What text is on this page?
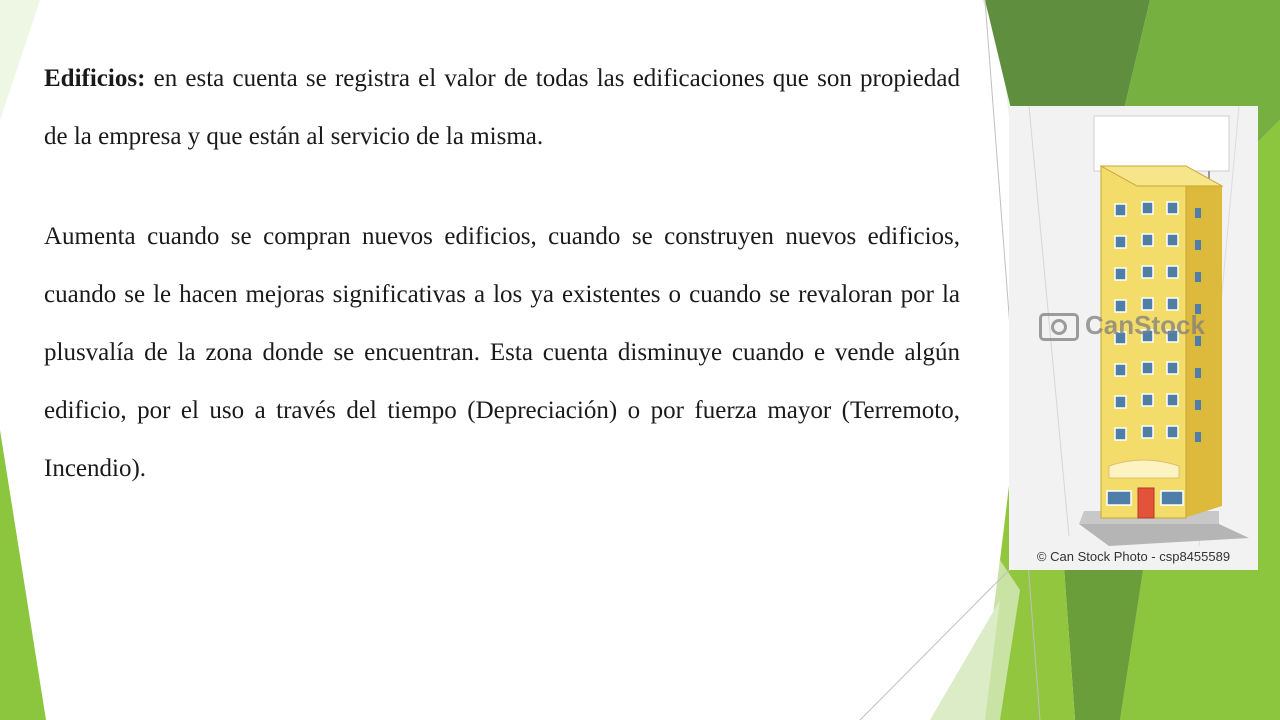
Edificios: en esta cuenta se registra el valor de todas las edificaciones que son propiedad de la empresa y que están al servicio de la misma.

Aumenta cuando se compran nuevos edificios, cuando se construyen nuevos edificios, cuando se le hacen mejoras significativas a los ya existentes o cuando se revaloran por la plusvalía de la zona donde se encuentran. Esta cuenta disminuye cuando e vende algún edificio, por el uso a través del tiempo (Depreciación) o por fuerza mayor (Terremoto, Incendio).

CanStock
© Can Stock Photo - csp8455589
